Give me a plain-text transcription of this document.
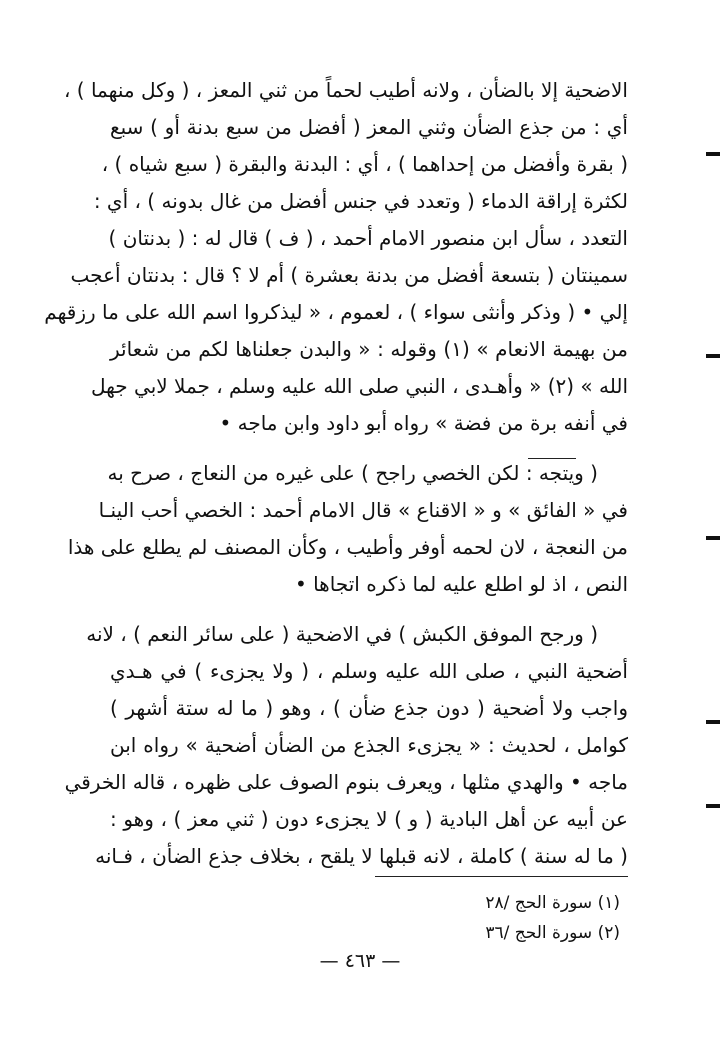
الاضحية إلا بالضأن ، ولانه أطيب لحماً من ثني المعز ، ( وكل منهما ) ،
أي : من جذع الضأن وثني المعز ( أفضل من سبع بدنة أو ) سبع
( بقرة وأفضل من إحداهما ) ، أي : البدنة والبقرة ( سبع شياه ) ،
لكثرة إراقة الدماء ( وتعدد في جنس أفضل من غال بدونه ) ، أي :
التعدد ، سأل ابن منصور الامام أحمد ، ( ف ) قال له : ( بدنتان )
سمينتان ( بتسعة أفضل من بدنة بعشرة ) أم لا ؟ قال : بدنتان أعجب
إلي • ( وذكر وأنثى سواء ) ، لعموم ، « ليذكروا اسم الله على ما رزقهم
من بهيمة الانعام » (١) وقوله : « والبدن جعلناها لكم من شعائر
الله » (٢) « وأهـدى ، النبي صلى الله عليه وسلم ، جملا لابي جهل
في أنفه برة من فضة » رواه أبو داود وابن ماجه •
( ويتجه : لكن الخصي راجح ) على غيره من النعاج ، صرح به
في « الفائق » و « الاقناع » قال الامام أحمد : الخصي أحب الينـا
من النعجة ، لان لحمه أوفر وأطيب ، وكأن المصنف لم يطلع على هذا
النص ، اذ لو اطلع عليه لما ذكره اتجاها •
( ورجح الموفق الكبش ) في الاضحية ( على سائر النعم ) ، لانه
أضحية النبي ، صلى الله عليه وسلم ، ( ولا يجزىء ) في هـدي
واجب ولا أضحية ( دون جذع ضأن ) ، وهو ( ما له ستة أشهر )
كوامل ، لحديث : « يجزىء الجذع من الضأن أضحية » رواه ابن
ماجه • والهدي مثلها ، ويعرف بنوم الصوف على ظهره ، قاله الخرقي
عن أبيه عن أهل البادية ( و ) لا يجزىء دون ( ثني معز ) ، وهو :
( ما له سنة ) كاملة ، لانه قبلها لا يلقح ، بخلاف جذع الضأن ، فـانه
(١) سورة الحج /٢٨
(٢) سورة الحج /٣٦
— ٤٦٣ —
